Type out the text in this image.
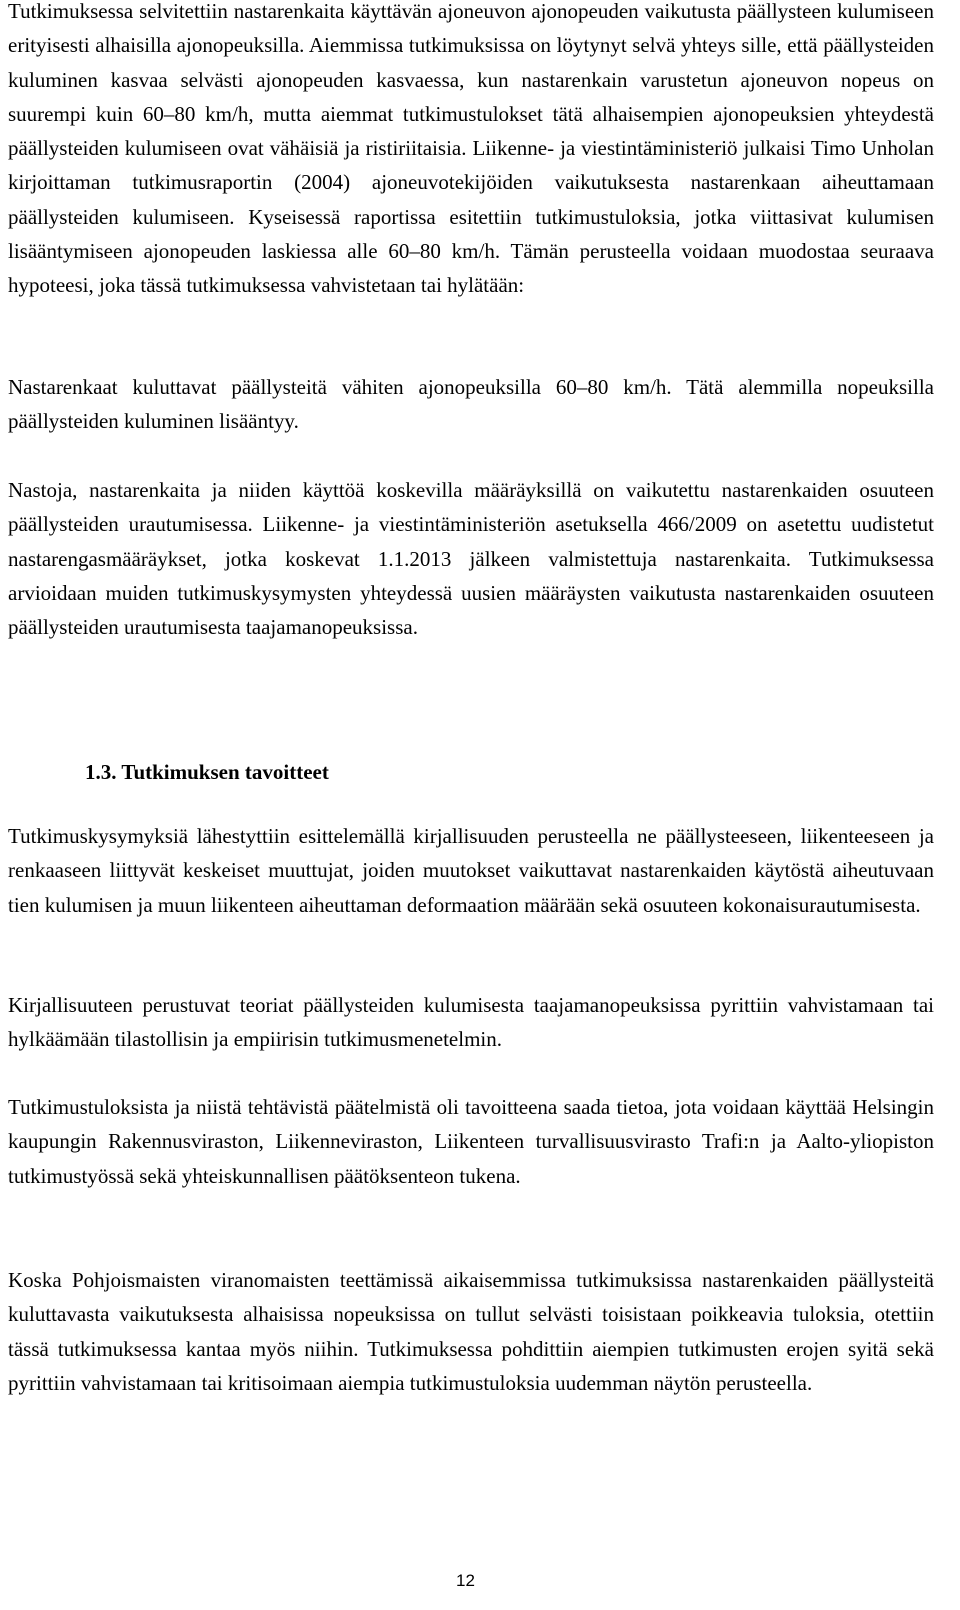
Tutkimuksessa selvitettiin nastarenkaita käyttävän ajoneuvon ajonopeuden vaikutusta päällysteen kulumiseen erityisesti alhaisilla ajonopeuksilla. Aiemmissa tutkimuksissa on löytynyt selvä yhteys sille, että päällysteiden kuluminen kasvaa selvästi ajonopeuden kasvaessa, kun nastarenkain varustetun ajoneuvon nopeus on suurempi kuin 60–80 km/h, mutta aiemmat tutkimustulokset tätä alhaisempien ajonopeuksien yhteydestä päällysteiden kulumiseen ovat vähäisiä ja ristiriitaisia. Liikenne- ja viestintäministeriö julkaisi Timo Unholan kirjoittaman tutkimusraportin (2004) ajoneuvotekijöiden vaikutuksesta nastarenkaan aiheuttamaan päällysteiden kulumiseen. Kyseisessä raportissa esitettiin tutkimustuloksia, jotka viittasivat kulumisen lisääntymiseen ajonopeuden laskiessa alle 60–80 km/h. Tämän perusteella voidaan muodostaa seuraava hypoteesi, joka tässä tutkimuksessa vahvistetaan tai hylätään:

Nastarenkaat kuluttavat päällysteitä vähiten ajonopeuksilla 60–80 km/h. Tätä alemmilla nopeuksilla päällysteiden kuluminen lisääntyy.

Nastoja, nastarenkaita ja niiden käyttöä koskevilla määräyksillä on vaikutettu nastarenkaiden osuuteen päällysteiden urautumisessa. Liikenne- ja viestintäministeriön asetuksella 466/2009 on asetettu uudistetut nastarengasmääräykset, jotka koskevat 1.1.2013 jälkeen valmistettuja nastarenkaita. Tutkimuksessa arvioidaan muiden tutkimuskysymysten yhteydessä uusien määräysten vaikutusta nastarenkaiden osuuteen päällysteiden urautumisesta taajamanopeuksissa.

1.3. Tutkimuksen tavoitteet

Tutkimuskysymyksiä lähestyttiin esittelemällä kirjallisuuden perusteella ne päällysteeseen, liikenteeseen ja renkaaseen liittyvät keskeiset muuttujat, joiden muutokset vaikuttavat nastarenkaiden käytöstä aiheutuvaan tien kulumisen ja muun liikenteen aiheuttaman deformaation määrään sekä osuuteen kokonaisurautumisesta.

Kirjallisuuteen perustuvat teoriat päällysteiden kulumisesta taajamanopeuksissa pyrittiin vahvistamaan tai hylkäämään tilastollisin ja empiirisin tutkimusmenetelmin.

Tutkimustuloksista ja niistä tehtävistä päätelmistä oli tavoitteena saada tietoa, jota voidaan käyttää Helsingin kaupungin Rakennusviraston, Liikenneviraston, Liikenteen turvallisuusvirasto Trafi:n ja Aalto-yliopiston tutkimustyössä sekä yhteiskunnallisen päätöksenteon tukena.

Koska Pohjoismaisten viranomaisten teettämissä aikaisemmissa tutkimuksissa nastarenkaiden päällysteitä kuluttavasta vaikutuksesta alhaisissa nopeuksissa on tullut selvästi toisistaan poikkeavia tuloksia, otettiin tässä tutkimuksessa kantaa myös niihin. Tutkimuksessa pohdittiin aiempien tutkimusten erojen syitä sekä pyrittiin vahvistamaan tai kritisoimaan aiempia tutkimustuloksia uudemman näytön perusteella.

12
